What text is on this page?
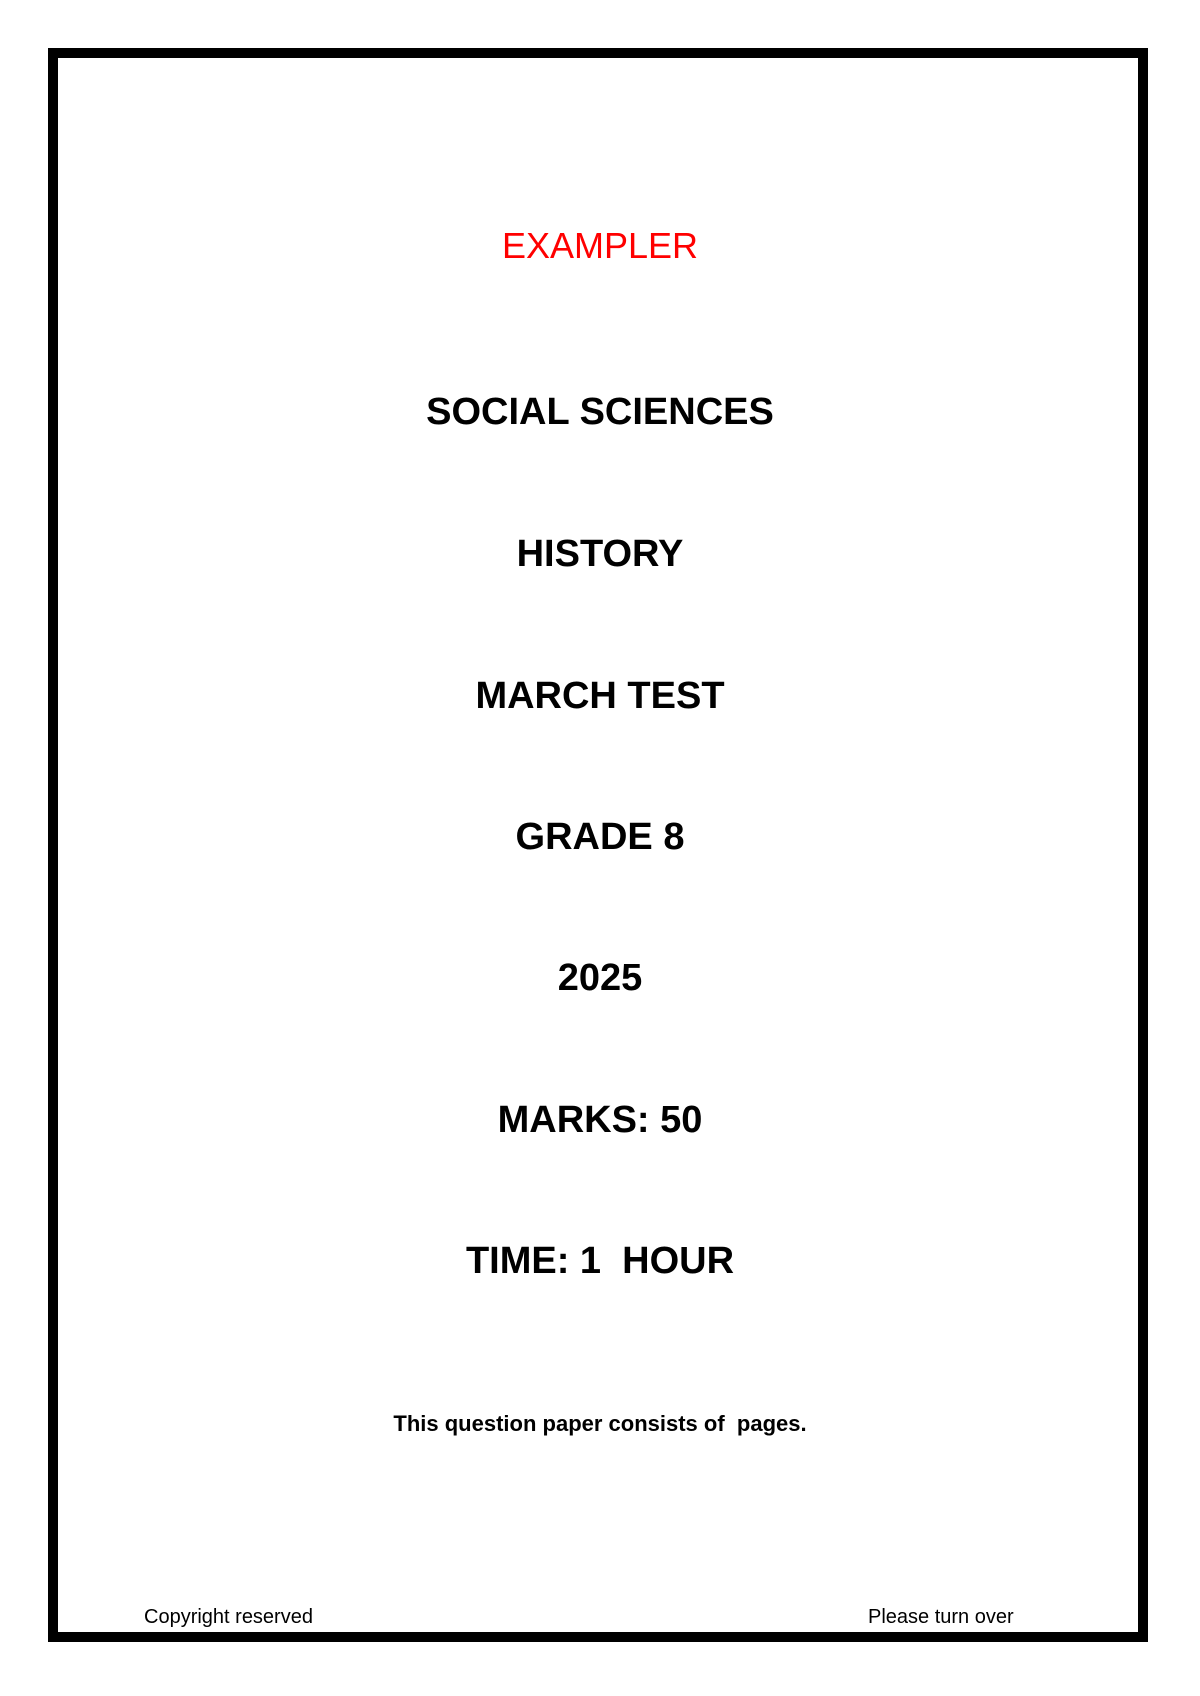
EXAMPLER
SOCIAL SCIENCES
HISTORY
MARCH TEST
GRADE 8
2025
MARKS: 50
TIME: 1  HOUR
This question paper consists of  pages.
Copyright reserved	Please turn over
